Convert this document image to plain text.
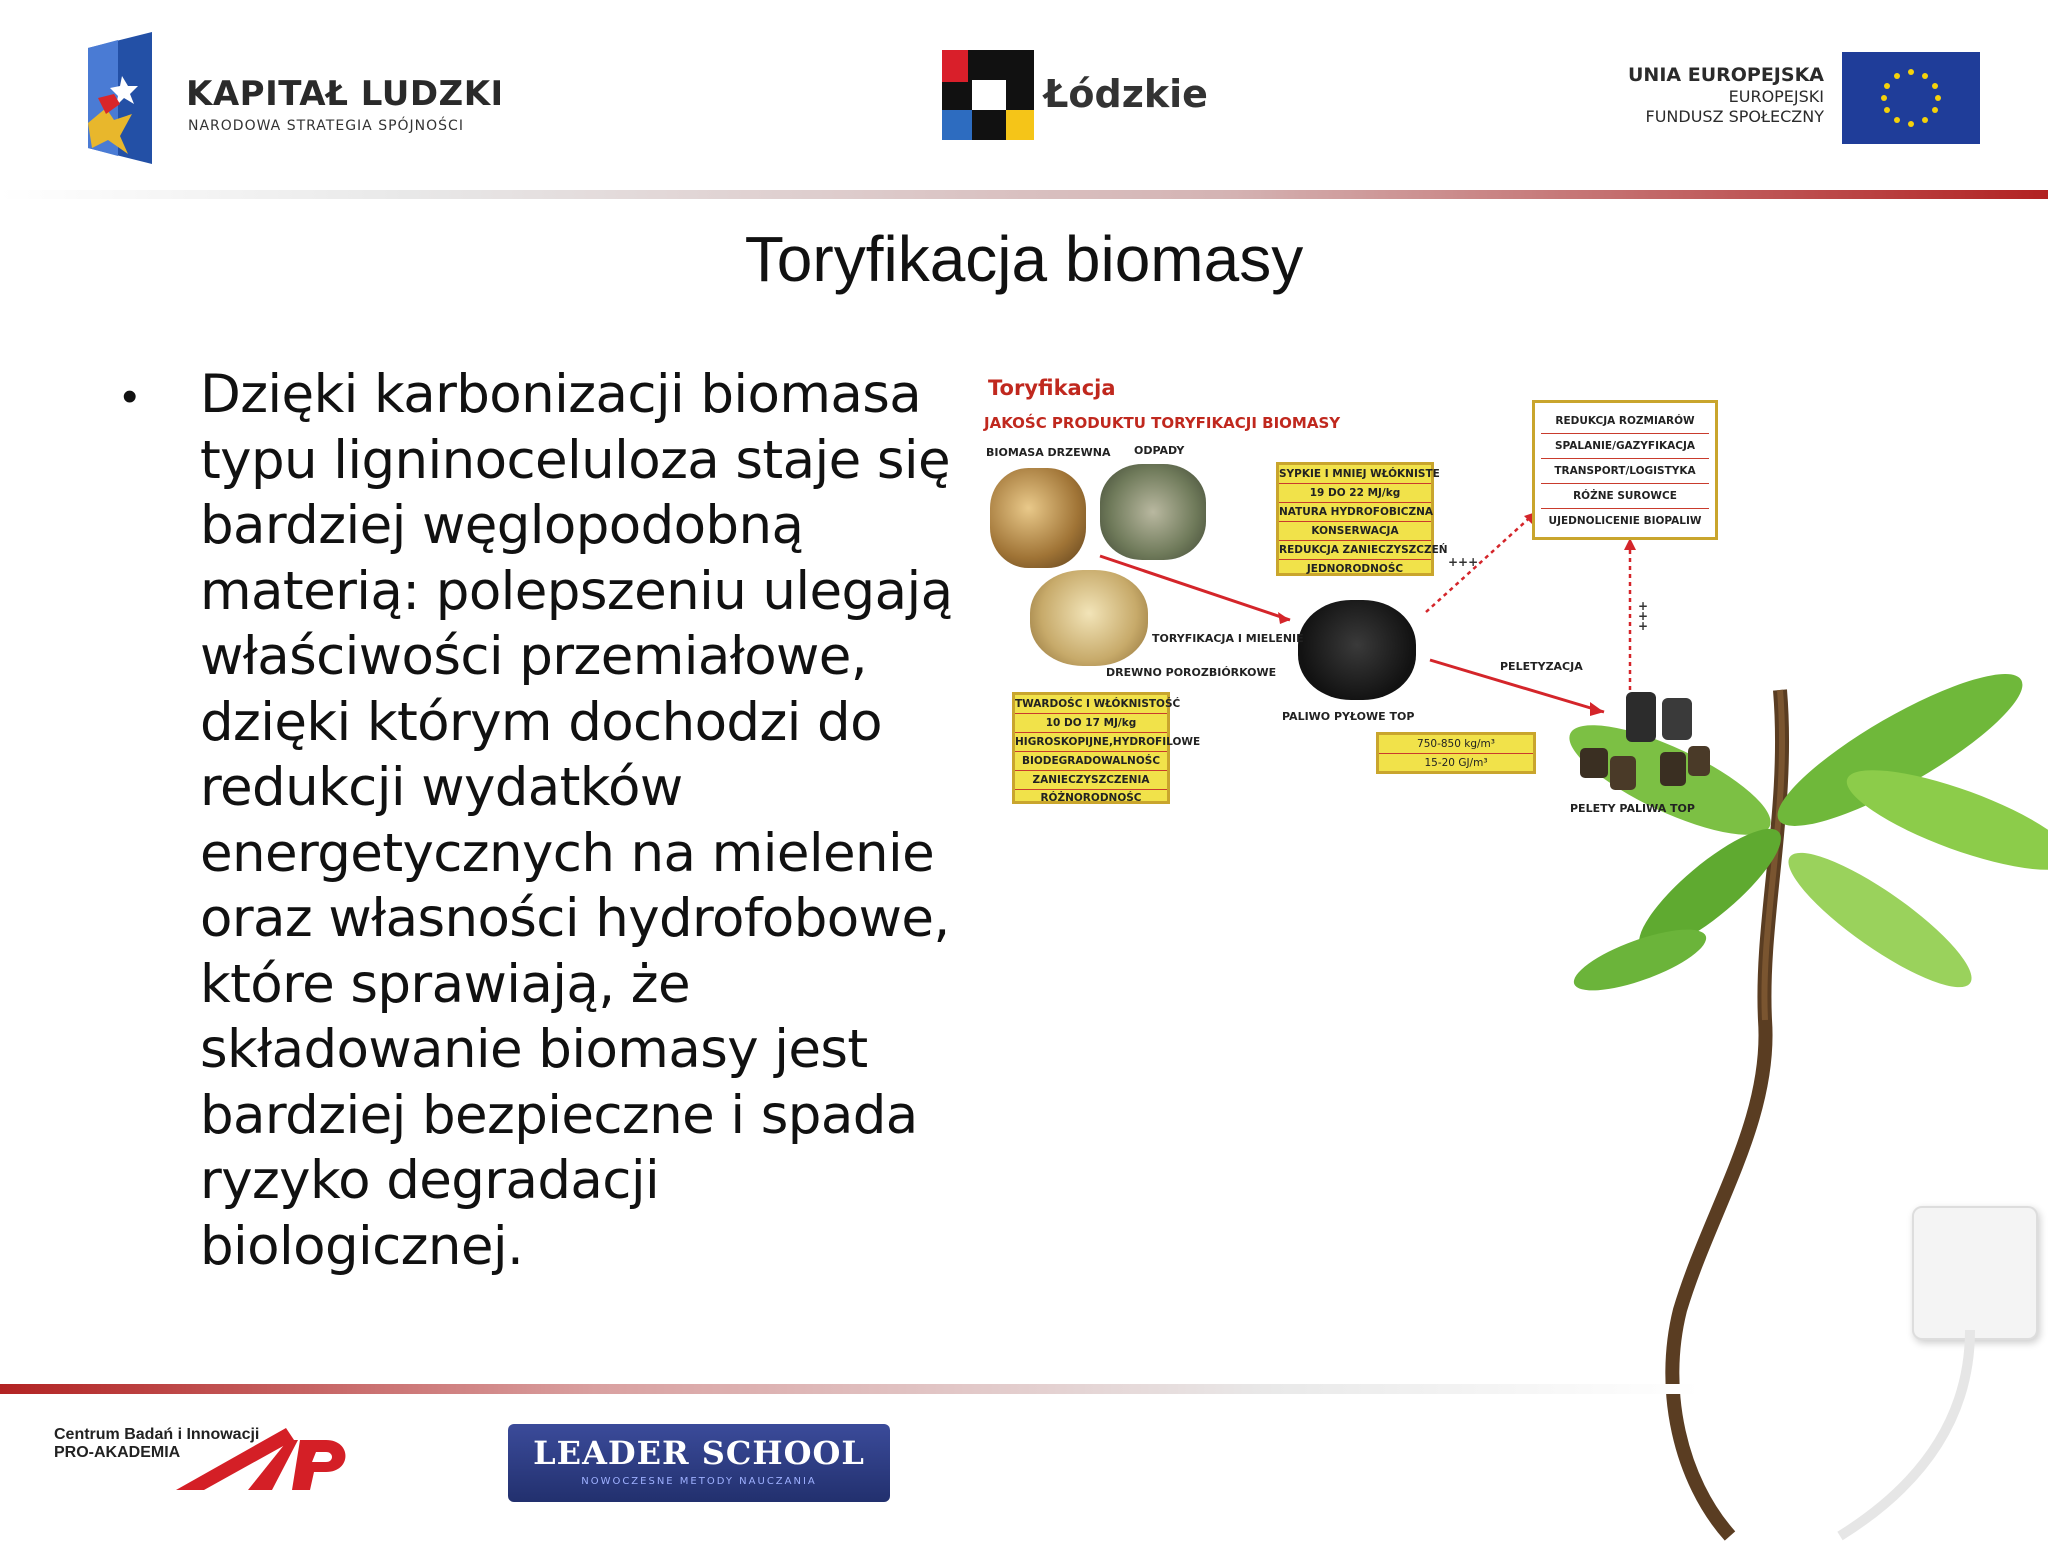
KAPITAŁ LUDZKI
NARODOWA STRATEGIA SPÓJNOŚCI
Łódzkie	UNIA EUROPEJSKA
EUROPEJSKI
FUNDUSZ SPOŁECZNY
Toryfikacja biomasy
• Dzięki karbonizacji biomasa typu ligninoceluloza staje się bardziej węglopodobną materią: polepszeniu ulegają właściwości przemiałowe, dzięki którym dochodzi do redukcji wydatków energetycznych na mielenie oraz własności hydrofobowe, które sprawiają, że składowanie biomasy jest bardziej bezpieczne i spada ryzyko degradacji biologicznej.
Toryfikacja
JAKOŚC PRODUKTU TORYFIKACJI BIOMASY
BIOMASA DRZEWNA ODPADY
+++
+
+
+
TORYFIKACJA I MIELENIE
DREWNO POROZBIÓRKOWE
PALIWO PYŁOWE TOP
PELETYZACJA
PELETY PALIWA TOP
TWARDOŚC I WŁÓKNISTOŚĆ
10 DO 17 MJ/kg
HIGROSKOPIJNE,HYDROFILOWE
BIODEGRADOWALNOŚC
ZANIECZYSZCZENIA
RÓŻNORODNOŚC
SYPKIE I MNIEJ WŁÓKNISTE
19 DO 22 MJ/kg
NATURA HYDROFOBICZNA
KONSERWACJA
REDUKCJA ZANIECZYSZCZEŃ
JEDNORODNOŚC
REDUKCJA ROZMIARÓW
SPALANIE/GAZYFIKACJA
TRANSPORT/LOGISTYKA
RÓŻNE SUROWCE
UJEDNOLICENIE BIOPALIW
750-850 kg/m³
15-20 GJ/m³
Centrum Badań i Innowacji
PRO-AKADEMIA	LEADER SCHOOL
NOWOCZESNE METODY NAUCZANIA
